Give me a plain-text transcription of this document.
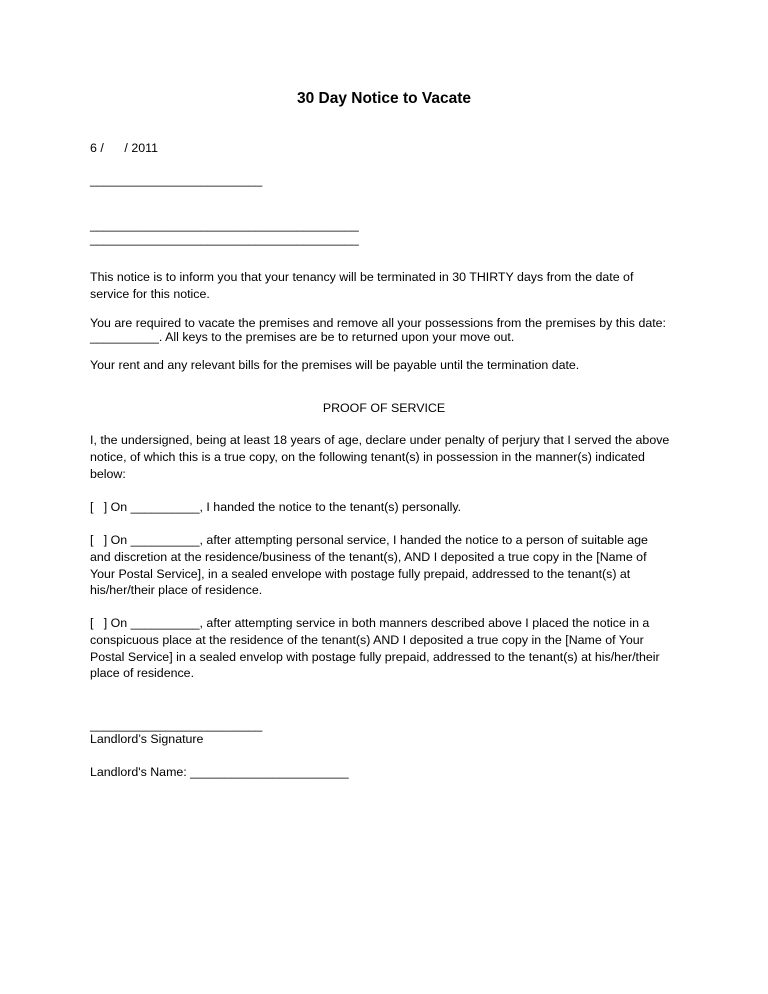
30 Day Notice to Vacate
6 /      / 2011
_________________________
_______________________________________
_______________________________________
This notice is to inform you that your tenancy will be terminated in 30 THIRTY days from the date of
service for this notice.
You are required to vacate the premises and remove all your possessions from the premises by this date:
__________. All keys to the premises are be to returned upon your move out.
Your rent and any relevant bills for the premises will be payable until the termination date.
PROOF OF SERVICE
I, the undersigned, being at least 18 years of age, declare under penalty of perjury that I served the above
notice, of which this is a true copy, on the following tenant(s) in possession in the manner(s) indicated
below:
[   ] On __________, I handed the notice to the tenant(s) personally.
[   ] On __________, after attempting personal service, I handed the notice to a person of suitable age
and discretion at the residence/business of the tenant(s), AND I deposited a true copy in the [Name of
Your Postal Service], in a sealed envelope with postage fully prepaid, addressed to the tenant(s) at
his/her/their place of residence.
[   ] On __________, after attempting service in both manners described above I placed the notice in a
conspicuous place at the residence of the tenant(s) AND I deposited a true copy in the [Name of Your
Postal Service] in a sealed envelop with postage fully prepaid, addressed to the tenant(s) at his/her/their
place of residence.
_________________________
Landlord’s Signature
Landlord's Name: _______________________
